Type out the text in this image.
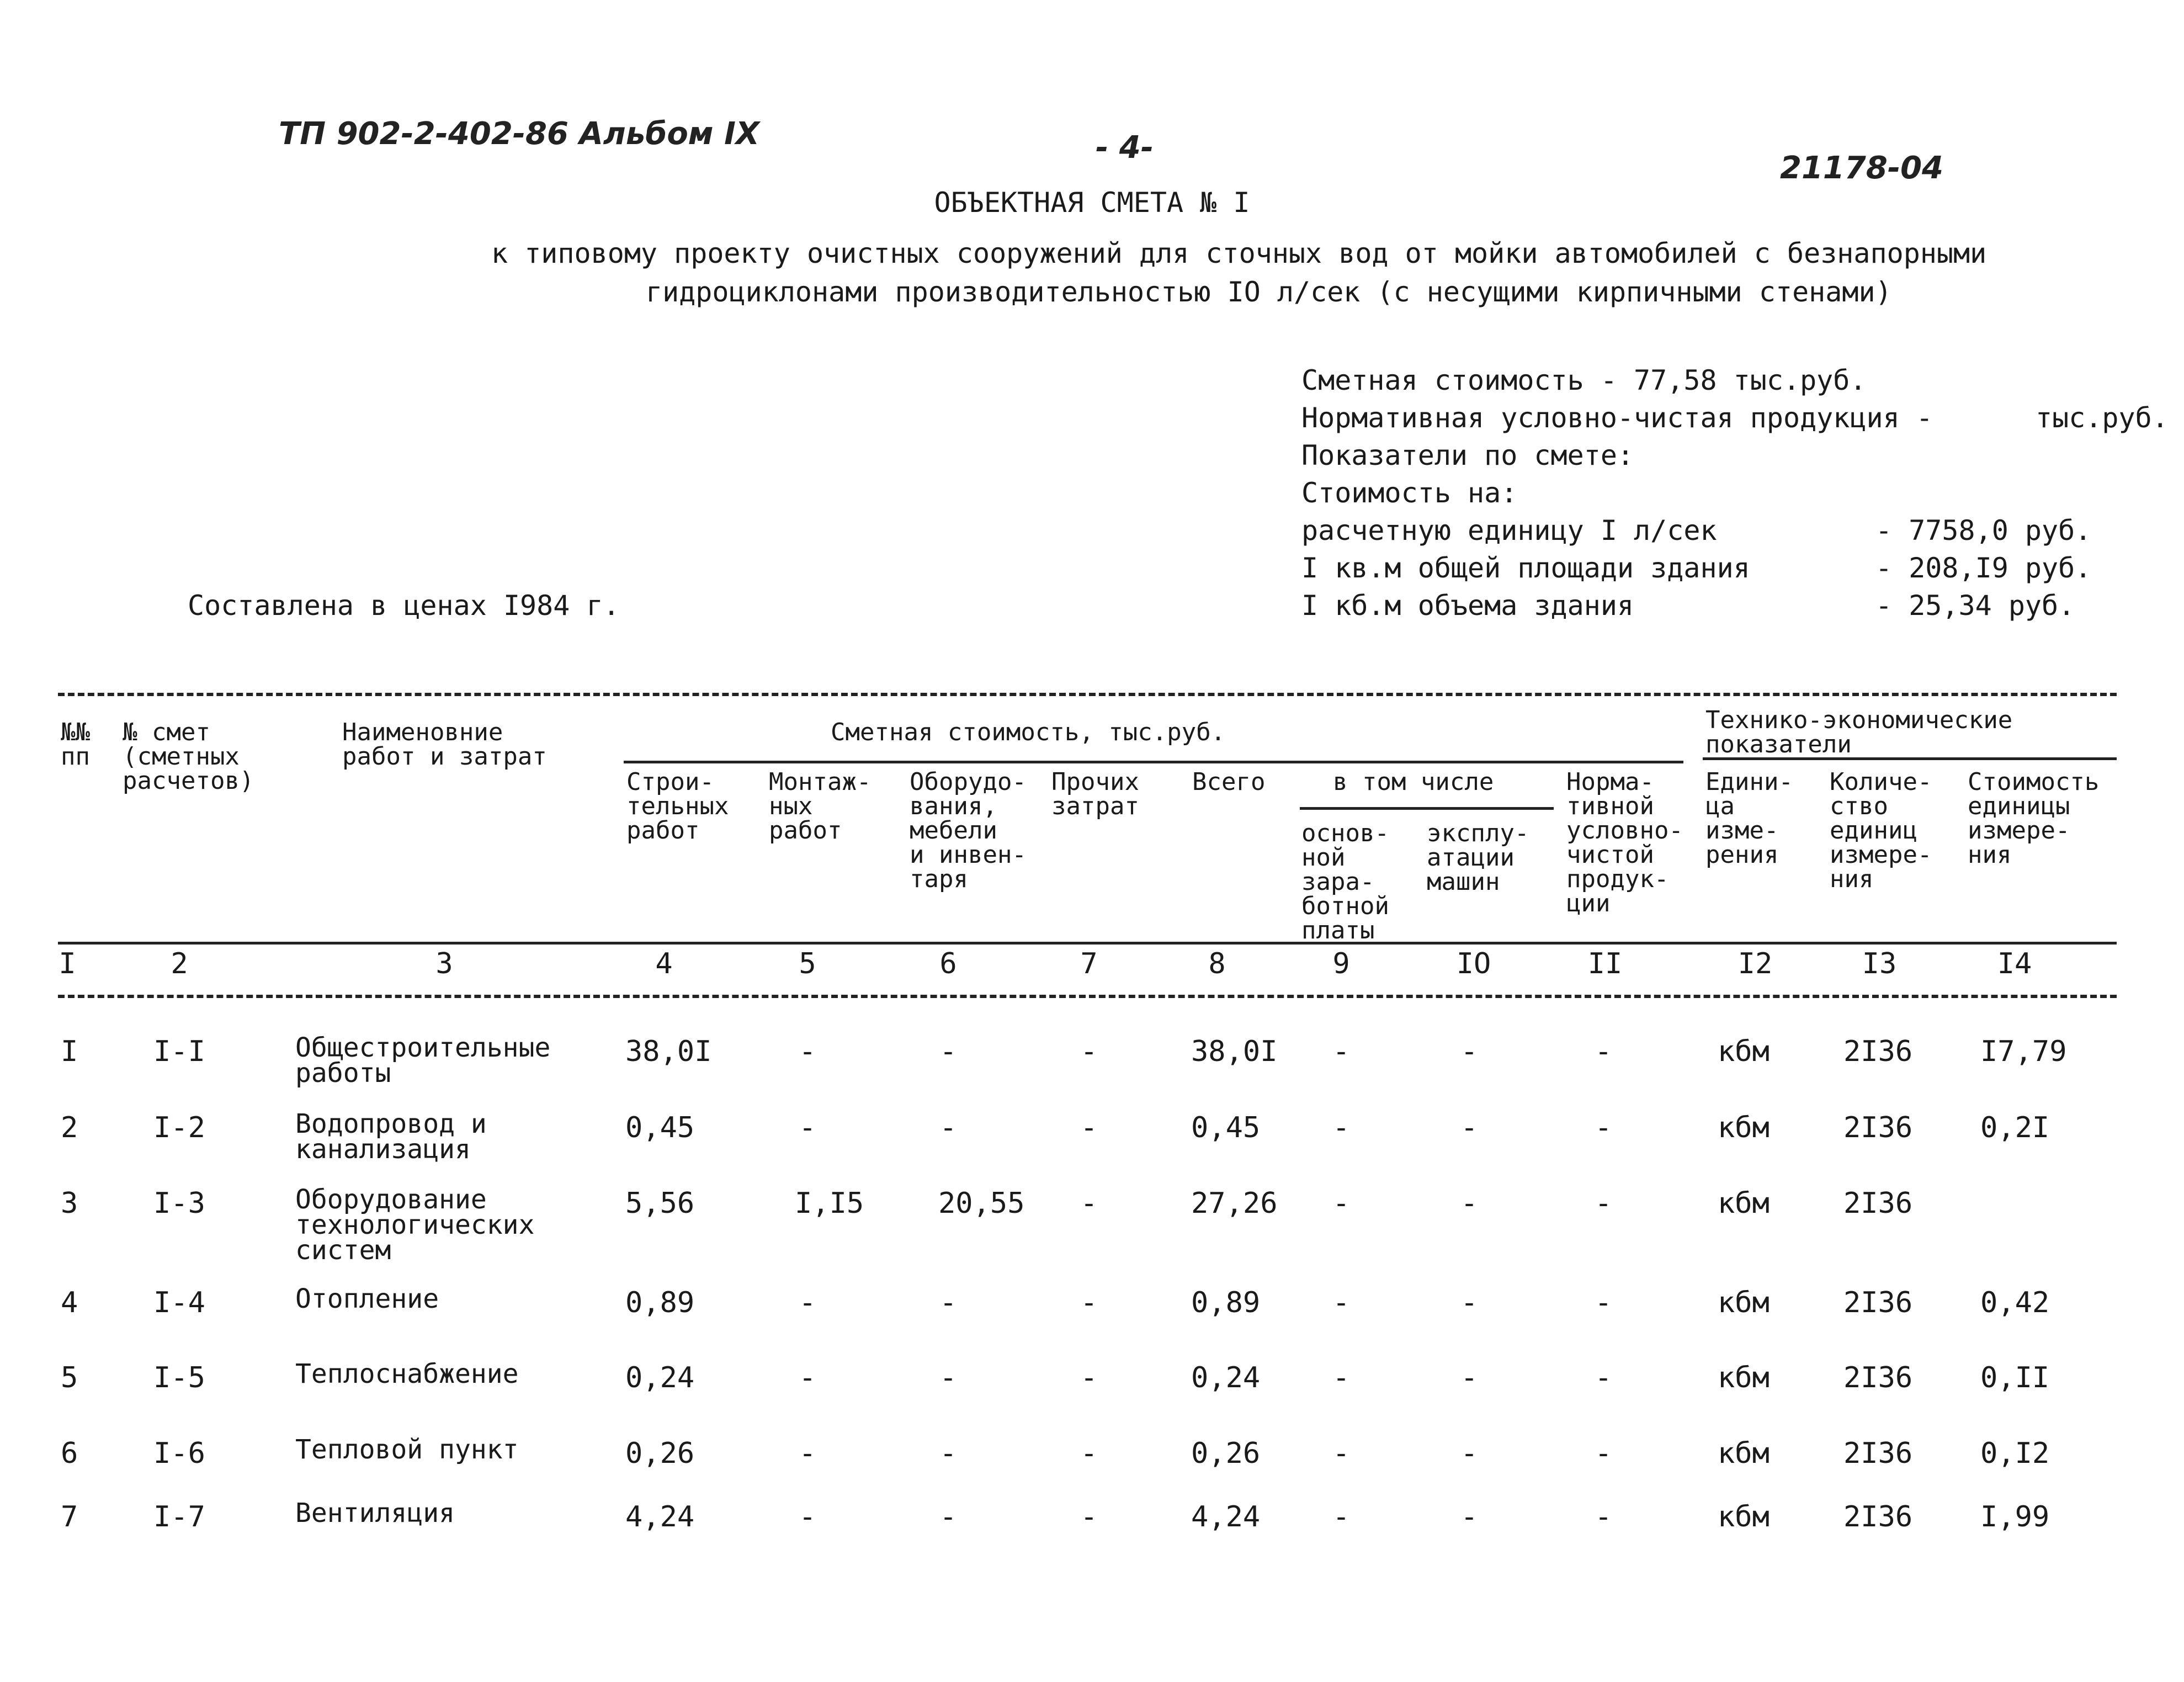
ТП 902-2-402-86 Альбом IX	- 4-
21178-04
ОБЪЕКТНАЯ СМЕТА № I
к типовому проекту очистных сооружений для сточных вод от мойки автомобилей с безнапорными
гидроциклонами производительностью IO л/сек (с несущими кирпичными стенами)
Сметная стоимость - 77,58 тыс.руб.
Нормативная условно-чистая продукция -	тыс.руб.
Показатели по смете:
Стоимость на:
расчетную единицу I л/сек	- 7758,0 руб.
I кв.м общей площади здания	- 208,I9 руб.
I кб.м объема здания	- 25,34 руб.
Составлена в ценах I984 г.
№№
пп
№ смет
(сметных
расчетов)
Наименовние
работ и затрат
Сметная стоимость, тыс.руб.
Строи-
тельных
работ
Монтаж-
ных
работ
Оборудо-
вания,
мебели
и инвен-
таря
Прочих
затрат
Всего	в том числе
основ-
ной
зара-
ботной
платы
эксплу-
атации
машин
Норма-
тивной
условно-
чистой
продук-
ции
Технико-экономические
показатели
Едини-
ца
изме-
рения
Количе-
ство
единиц
измере-
ния
Стоимость
единицы
измере-
ния
I	2	3	4	5	6	7	8	9	IO	II	I2	I3	I4
I	I-I	Общестроительные
работы
38,0I	-	-	-	38,0I	-	-	-	кбм	2I36 I7,79
2	I-2	Водопровод и
канализация
0,45	-	-	-	0,45	-	-	-	кбм	2I36 0,2I
3	I-3	Оборудование
технологических
систем
5,56	I,I5	20,55	-	27,26	-	-	-	кбм	2I36
4	I-4	Отопление	0,89	-	-	-	0,89	-	-	-	кбм	2I36 0,42
5	I-5	Теплоснабжение	0,24	-	-	-	0,24	-	-	-	кбм	2I36 0,II
6	I-6	Тепловой пункт	0,26	-	-	-	0,26	-	-	-	кбм	2I36 0,I2
7	I-7	Вентиляция	4,24	-	-	-	4,24	-	-	-	кбм	2I36 I,99
